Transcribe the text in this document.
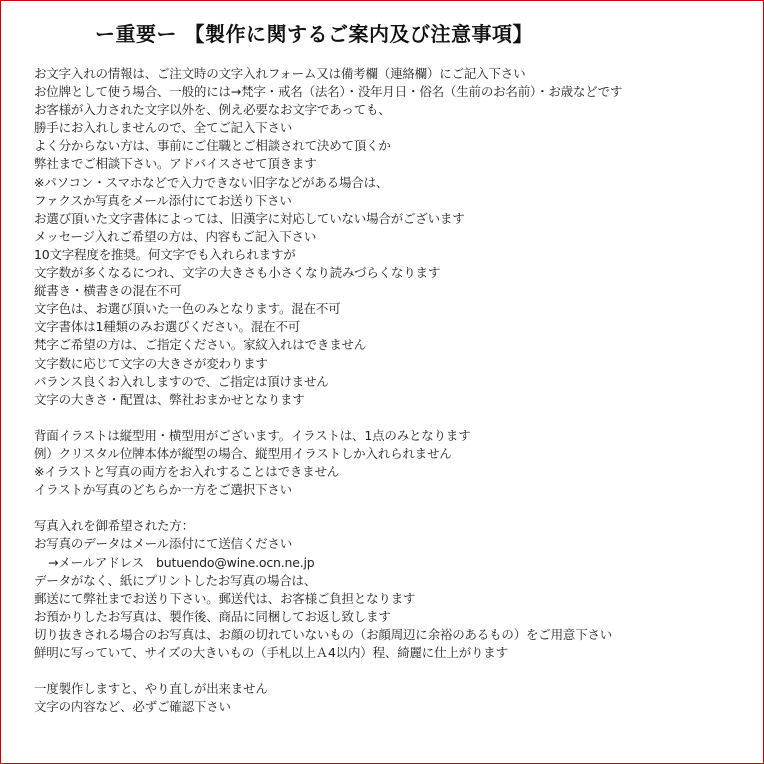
ー重要ー 【製作に関するご案内及び注意事項】

お文字入れの情報は、ご注文時の文字入れフォーム又は備考欄（連絡欄）にご記入下さい

お位牌として使う場合、一般的には→梵字・戒名（法名）・没年月日・俗名（生前のお名前）・お歳などです

お客様が入力された文字以外を、例え必要なお文字であっても、

勝手にお入れしませんので、全てご記入下さい

よく分からない方は、事前にご住職とご相談されて決めて頂くか

弊社までご相談下さい。アドバイスさせて頂きます

※パソコン・スマホなどで入力できない旧字などがある場合は、

ファクスか写真をメール添付にてお送り下さい

お選び頂いた文字書体によっては、旧漢字に対応していない場合がございます

メッセージ入れご希望の方は、内容もご記入下さい

10文字程度を推奨。何文字でも入れられますが

文字数が多くなるにつれ、文字の大きさも小さくなり読みづらくなります

縦書き・横書きの混在不可

文字色は、お選び頂いた一色のみとなります。混在不可

文字書体は1種類のみお選びください。混在不可

梵字ご希望の方は、ご指定ください。家紋入れはできません

文字数に応じて文字の大きさが変わります

バランス良くお入れしますので、ご指定は頂けません

文字の大きさ・配置は、弊社おまかせとなります

背面イラストは縦型用・横型用がございます。イラストは、1点のみとなります

例）クリスタル位牌本体が縦型の場合、縦型用イラストしか入れられません

※イラストと写真の両方をお入れすることはできません

イラストか写真のどちらか一方をご選択下さい

写真入れを御希望された方：

お写真のデータはメール添付にて送信ください

→メールアドレス　butuendo@wine.ocn.ne.jp

データがなく、紙にプリントしたお写真の場合は、

郵送にて弊社までお送り下さい。郵送代は、お客様ご負担となります

お預かりしたお写真は、製作後、商品に同梱してお返し致します

切り抜きされる場合のお写真は、お顔の切れていないもの（お顔周辺に余裕のあるもの）をご用意下さい

鮮明に写っていて、サイズの大きいもの（手札以上Ａ4以内）程、綺麗に仕上がります

一度製作しますと、やり直しが出来ません

文字の内容など、必ずご確認下さい
